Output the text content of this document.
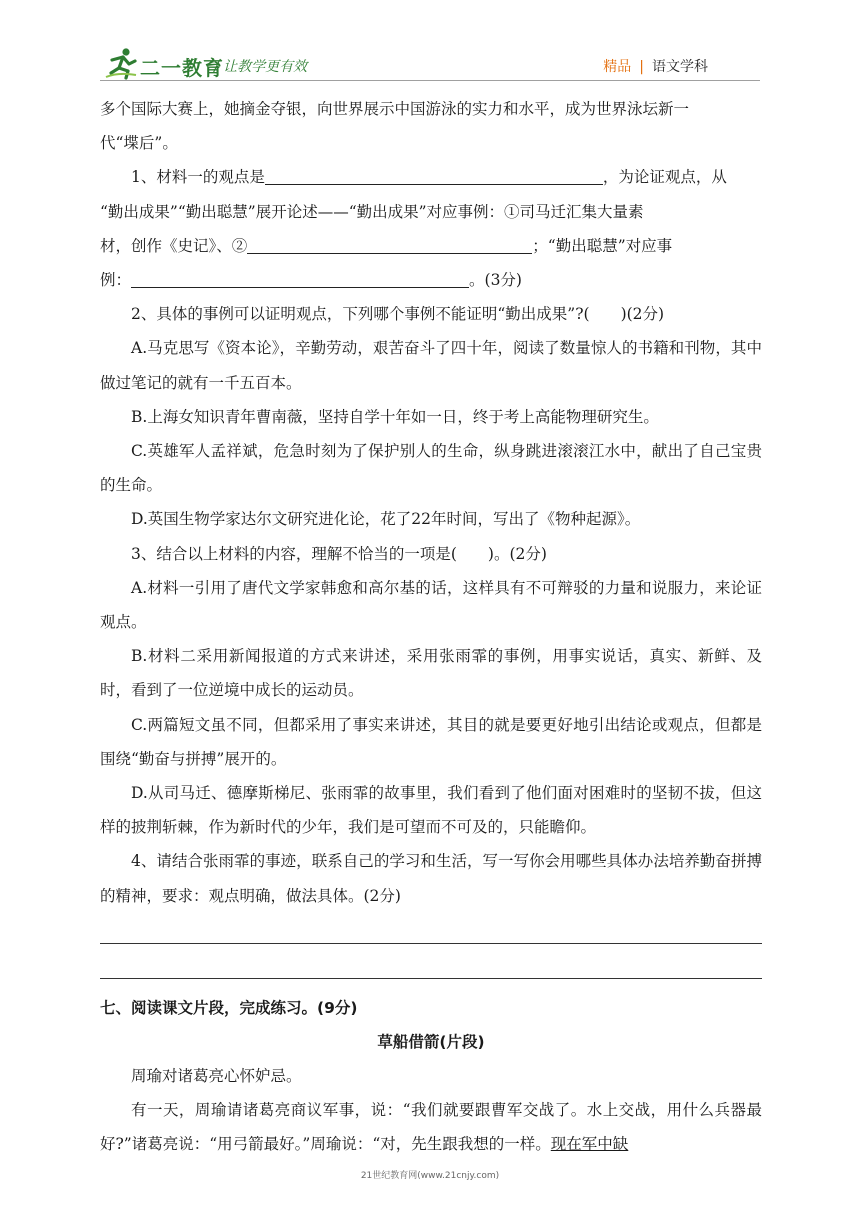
二一教育
/ 让教学更有效	精品 | 语文学科

多个国际大赛上，她摘金夺银，向世界展示中国游泳的实力和水平，成为世界泳坛新一
代“堞后”。

1、材料一的观点是	，为论证观点，从
“勤出成果”“勤出聪慧”展开论述——“勤出成果”对应事例：①司马迁汇集大量素
材，创作《史记》、②	；“勤出聪慧”对应事
例：	。(3分)

2、具体的事例可以证明观点，下列哪个事例不能证明“勤出成果”?(　　)(2分)

A.马克思写《资本论》，辛勤劳动，艰苦奋斗了四十年，阅读了数量惊人的书籍和刊物，其中做过笔记的就有一千五百本。

B.上海女知识青年曹南薇，坚持自学十年如一日，终于考上高能物理研究生。

C.英雄军人孟祥斌，危急时刻为了保护别人的生命，纵身跳进滚滚江水中，献出了自己宝贵的生命。

D.英国生物学家达尔文研究进化论，花了22年时间，写出了《物种起源》。

3、结合以上材料的内容，理解不恰当的一项是(　　)。(2分)

A.材料一引用了唐代文学家韩愈和高尔基的话，这样具有不可辩驳的力量和说服力，来论证观点。

B.材料二采用新闻报道的方式来讲述，采用张雨霏的事例，用事实说话，真实、新鲜、及时，看到了一位逆境中成长的运动员。

C.两篇短文虽不同，但都采用了事实来讲述，其目的就是要更好地引出结论或观点，但都是围绕“勤奋与拼搏”展开的。

D.从司马迁、德摩斯梯尼、张雨霏的故事里，我们看到了他们面对困难时的坚韧不拔，但这样的披荆斩棘，作为新时代的少年，我们是可望而不可及的，只能瞻仰。

4、请结合张雨霏的事迹，联系自己的学习和生活，写一写你会用哪些具体办法培养勤奋拼搏的精神，要求：观点明确，做法具体。(2分)

七、阅读课文片段，完成练习。(9分)
草船借箭(片段)

周瑜对诸葛亮心怀妒忌。

有一天，周瑜请诸葛亮商议军事，说：“我们就要跟曹军交战了。水上交战，用什么兵器最好?”诸葛亮说：“用弓箭最好。”周瑜说：“对，先生跟我想的一样。现在军中缺

21世纪教育网(www.21cnjy.com)
